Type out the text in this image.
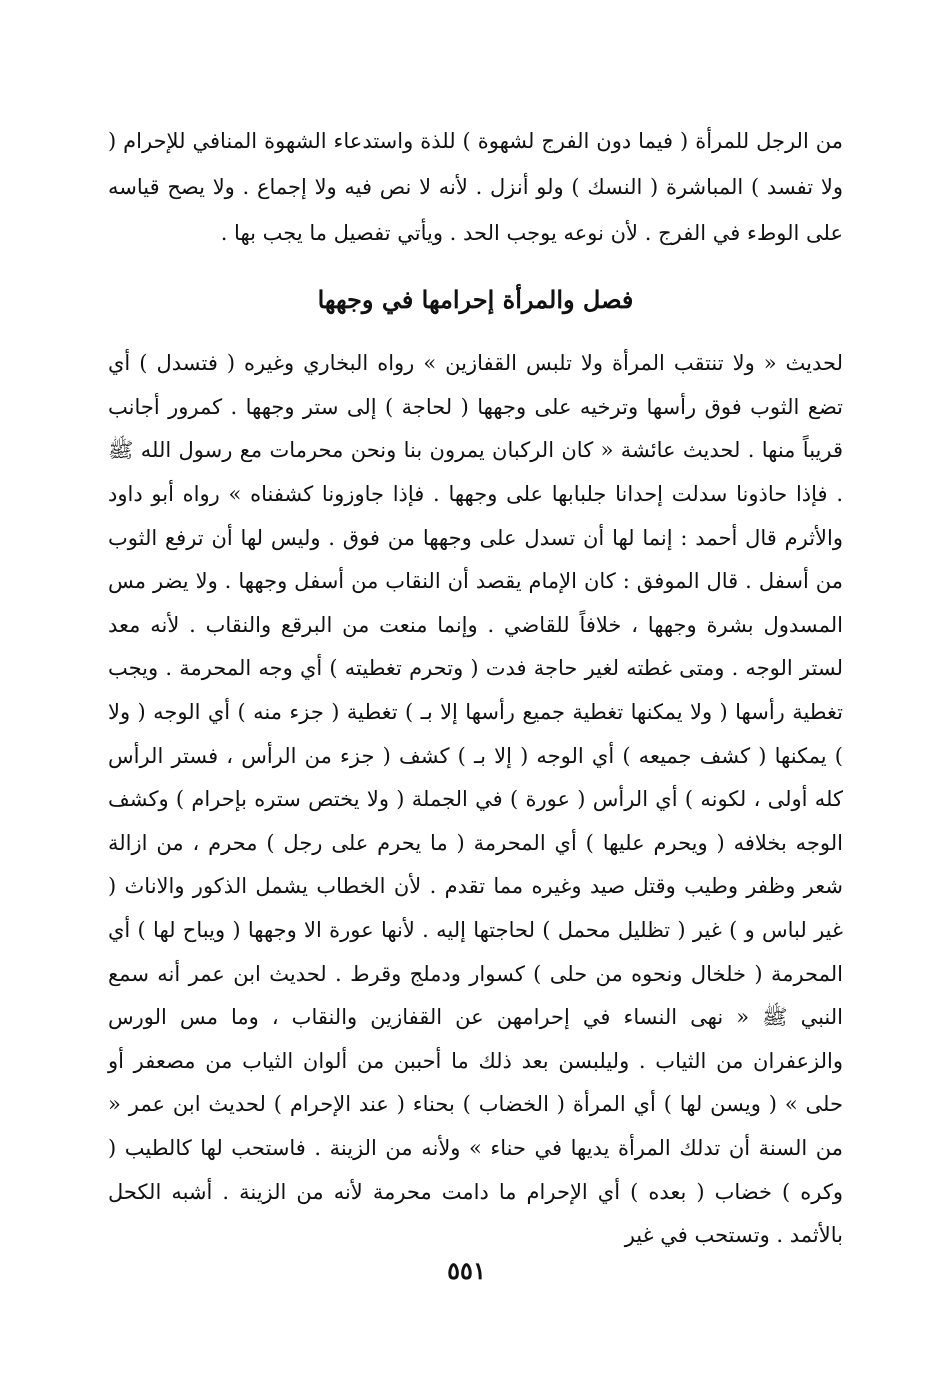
من الرجل للمرأة ( فيما دون الفرج لشهوة ) للذة واستدعاء الشهوة المنافي للإحرام ( ولا تفسد ) المباشرة ( النسك ) ولو أنزل . لأنه لا نص فيه ولا إجماع . ولا يصح قياسه على الوطء في الفرج . لأن نوعه يوجب الحد . ويأتي تفصيل ما يجب بها .

فصل والمرأة إحرامها في وجهها

لحديث « ولا تنتقب المرأة ولا تلبس القفازين » رواه البخاري وغيره ( فتسدل ) أي تضع الثوب فوق رأسها وترخيه على وجهها ( لحاجة ) إلى ستر وجهها . كمرور أجانب قريباً منها . لحديث عائشة « كان الركبان يمرون بنا ونحن محرمات مع رسول الله ﷺ . فإذا حاذونا سدلت إحدانا جلبابها على وجهها . فإذا جاوزونا كشفناه » رواه أبو داود والأثرم قال أحمد : إنما لها أن تسدل على وجهها من فوق . وليس لها أن ترفع الثوب من أسفل . قال الموفق : كان الإمام يقصد أن النقاب من أسفل وجهها . ولا يضر مس المسدول بشرة وجهها ، خلافاً للقاضي . وإنما منعت من البرقع والنقاب . لأنه معد لستر الوجه . ومتى غطته لغير حاجة فدت ( وتحرم تغطيته ) أي وجه المحرمة . ويجب تغطية رأسها ( ولا يمكنها تغطية جميع رأسها إلا بـ ) تغطية ( جزء منه ) أي الوجه ( ولا ) يمكنها ( كشف جميعه ) أي الوجه ( إلا بـ ) كشف ( جزء من الرأس ، فستر الرأس كله أولى ، لكونه ) أي الرأس ( عورة ) في الجملة ( ولا يختص ستره بإحرام ) وكشف الوجه بخلافه ( ويحرم عليها ) أي المحرمة ( ما يحرم على رجل ) محرم ، من ازالة شعر وظفر وطيب وقتل صيد وغيره مما تقدم . لأن الخطاب يشمل الذكور والاناث ( غير لباس و ) غير ( تظليل محمل ) لحاجتها إليه . لأنها عورة الا وجهها ( ويباح لها ) أي المحرمة ( خلخال ونحوه من حلى ) كسوار ودملج وقرط . لحديث ابن عمر أنه سمع النبي ﷺ « نهى النساء في إحرامهن عن القفازين والنقاب ، وما مس الورس والزعفران من الثياب . وليلبسن بعد ذلك ما أحببن من ألوان الثياب من مصعفر أو حلى » ( ويسن لها ) أي المرأة ( الخضاب ) بحناء ( عند الإحرام ) لحديث ابن عمر « من السنة أن تدلك المرأة يديها في حناء » ولأنه من الزينة . فاستحب لها كالطيب ( وكره ) خضاب ( بعده ) أي الإحرام ما دامت محرمة لأنه من الزينة . أشبه الكحل بالأثمد . وتستحب في غير

٥٥١
